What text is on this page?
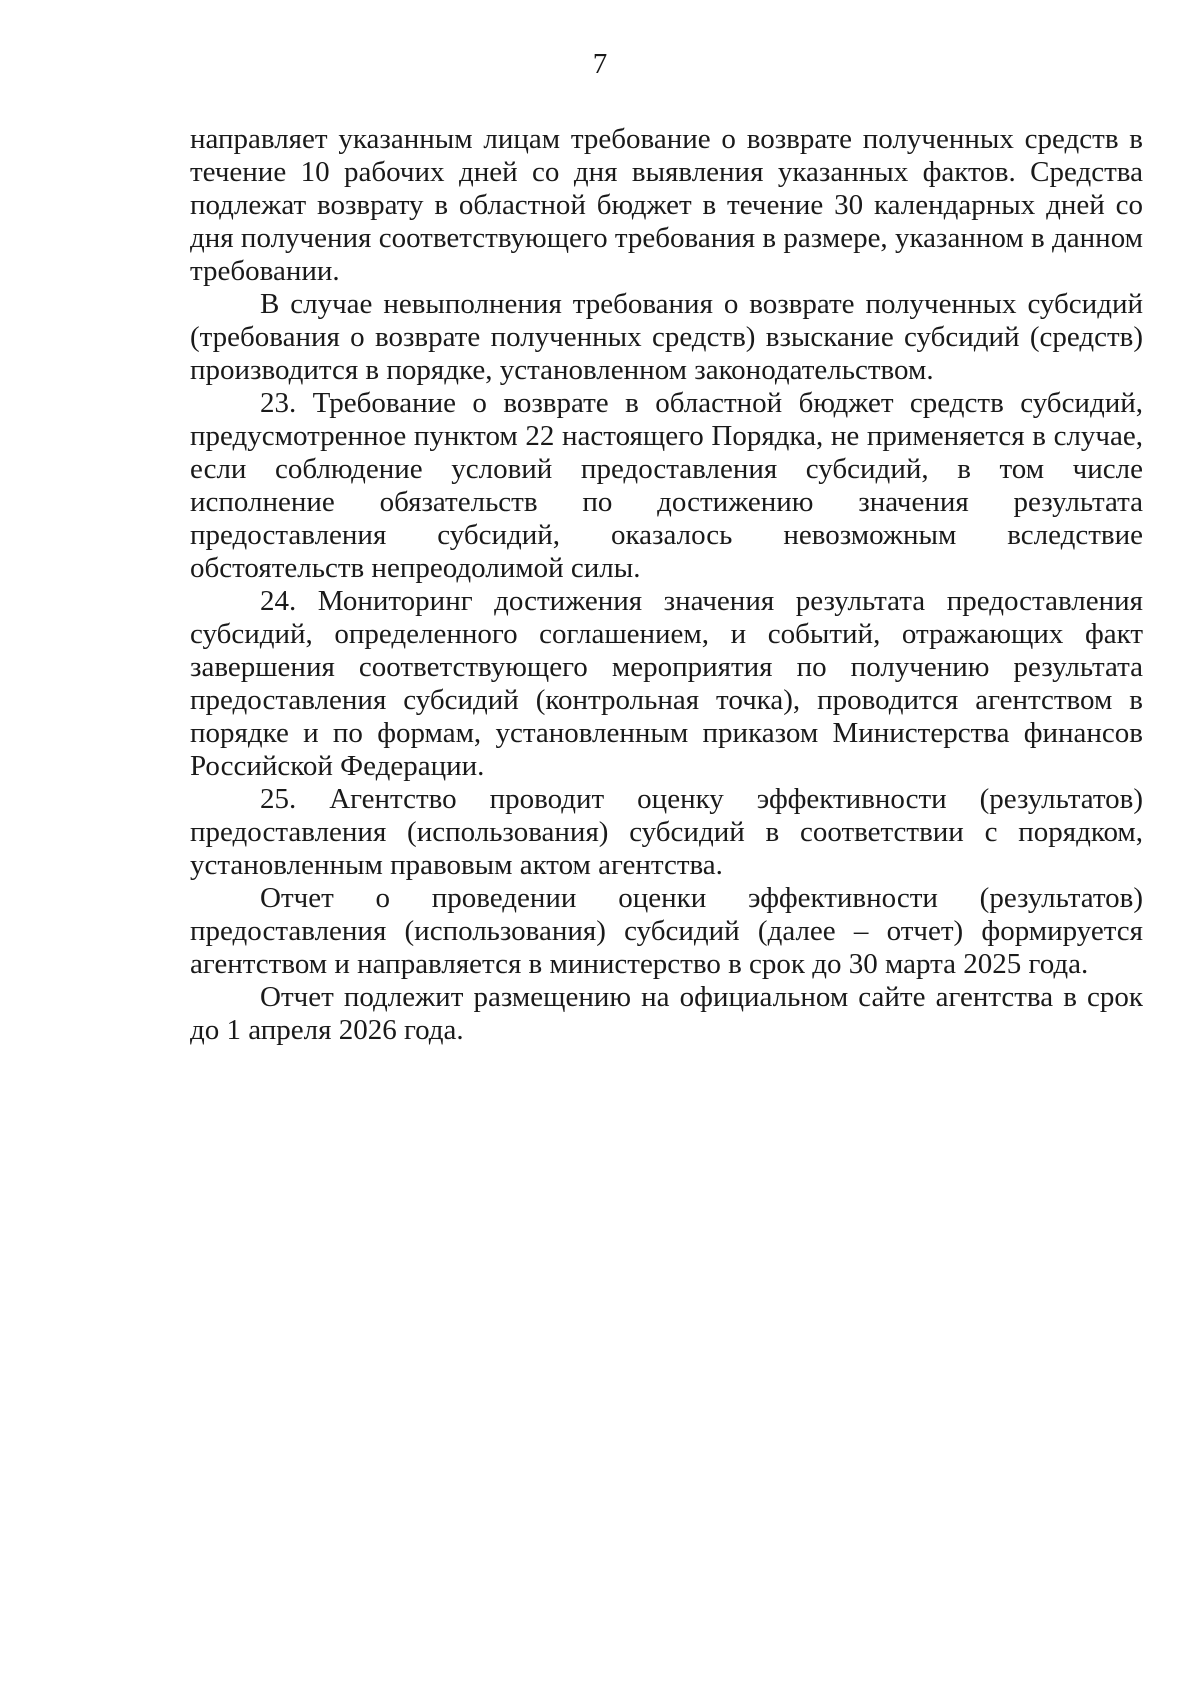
7

направляет указанным лицам требование о возврате полученных средств в течение 10 рабочих дней со дня выявления указанных фактов. Средства подлежат возврату в областной бюджет в течение 30 календарных дней со дня получения соответствующего требования в размере, указанном в данном требовании.

В случае невыполнения требования о возврате полученных субсидий (требования о возврате полученных средств) взыскание субсидий (средств) производится в порядке, установленном законодательством.

23. Требование о возврате в областной бюджет средств субсидий, предусмотренное пунктом 22 настоящего Порядка, не применяется в случае, если соблюдение условий предоставления субсидий, в том числе исполнение обязательств по достижению значения результата предоставления субсидий, оказалось невозможным вследствие обстоятельств непреодолимой силы.

24. Мониторинг достижения значения результата предоставления субсидий, определенного соглашением, и событий, отражающих факт завершения соответствующего мероприятия по получению результата предоставления субсидий (контрольная точка), проводится агентством в порядке и по формам, установленным приказом Министерства финансов Российской Федерации.

25. Агентство проводит оценку эффективности (результатов) предоставления (использования) субсидий в соответствии с порядком, установленным правовым актом агентства.

Отчет о проведении оценки эффективности (результатов) предоставления (использования) субсидий (далее – отчет) формируется агентством и направляется в министерство в срок до 30 марта 2025 года.

Отчет подлежит размещению на официальном сайте агентства в срок до 1 апреля 2026 года.
